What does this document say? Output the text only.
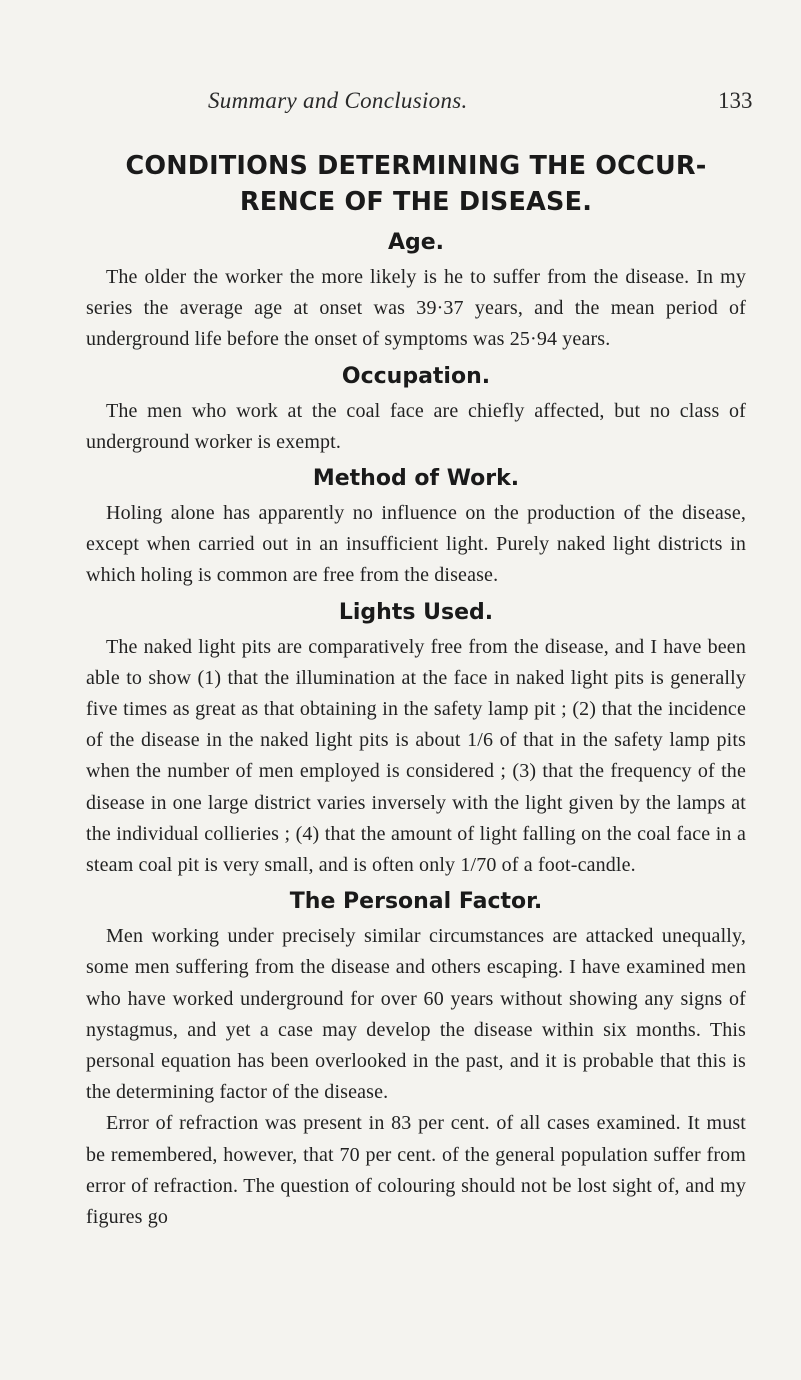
Summary and Conclusions.	133
CONDITIONS DETERMINING THE OCCUR-
RENCE OF THE DISEASE.
Age.

The older the worker the more likely is he to suffer from the disease. In my series the average age at onset was 39·37 years, and the mean period of underground life before the onset of symptoms was 25·94 years.

Occupation.

The men who work at the coal face are chiefly affected, but no class of underground worker is exempt.

Method of Work.

Holing alone has apparently no influence on the production of the disease, except when carried out in an insufficient light. Purely naked light districts in which holing is common are free from the disease.

Lights Used.

The naked light pits are comparatively free from the disease, and I have been able to show (1) that the illumination at the face in naked light pits is generally five times as great as that obtaining in the safety lamp pit ; (2) that the incidence of the disease in the naked light pits is about 1/6 of that in the safety lamp pits when the number of men employed is considered ; (3) that the frequency of the disease in one large district varies inversely with the light given by the lamps at the individual collieries ; (4) that the amount of light falling on the coal face in a steam coal pit is very small, and is often only 1/70 of a foot-candle.

The Personal Factor.

Men working under precisely similar circumstances are attacked unequally, some men suffering from the disease and others escaping. I have examined men who have worked underground for over 60 years without showing any signs of nystagmus, and yet a case may develop the disease within six months. This personal equation has been overlooked in the past, and it is probable that this is the determining factor of the disease.

Error of refraction was present in 83 per cent. of all cases examined. It must be remembered, however, that 70 per cent. of the general population suffer from error of refraction. The question of colouring should not be lost sight of, and my figures go
